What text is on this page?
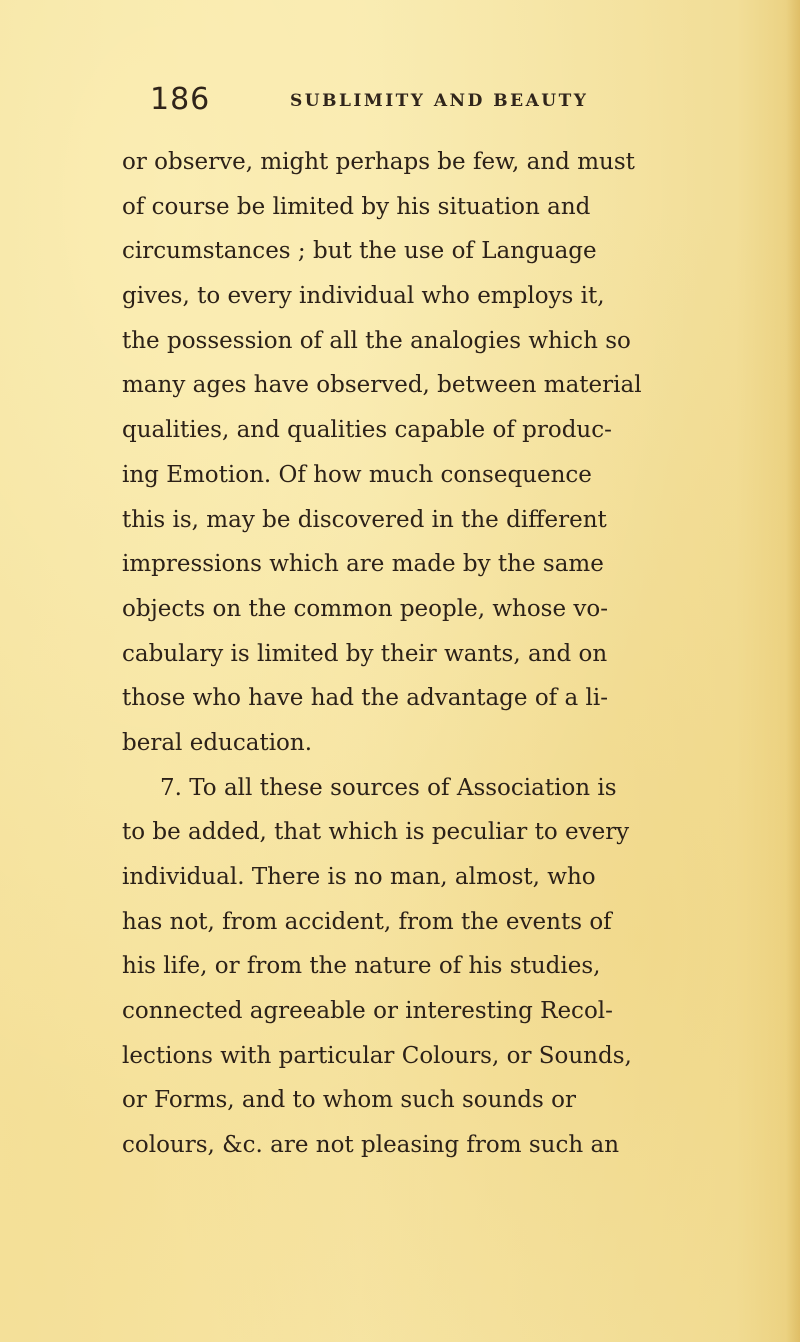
186	SUBLIMITY AND BEAUTY
or observe, might perhaps be few, and must
of course be limited by his situation and
circumstances ; but the use of Language
gives, to every individual who employs it,
the possession of all the analogies which so
many ages have observed, between material
qualities, and qualities capable of produc-
ing Emotion. Of how much consequence
this is, may be discovered in the different
impressions which are made by the same
objects on the common people, whose vo-
cabulary is limited by their wants, and on
those who have had the advantage of a li-
beral education.
7. To all these sources of Association is
to be added, that which is peculiar to every
individual. There is no man, almost, who
has not, from accident, from the events of
his life, or from the nature of his studies,
connected agreeable or interesting Recol-
lections with particular Colours, or Sounds,
or Forms, and to whom such sounds or
colours, &c. are not pleasing from such an
